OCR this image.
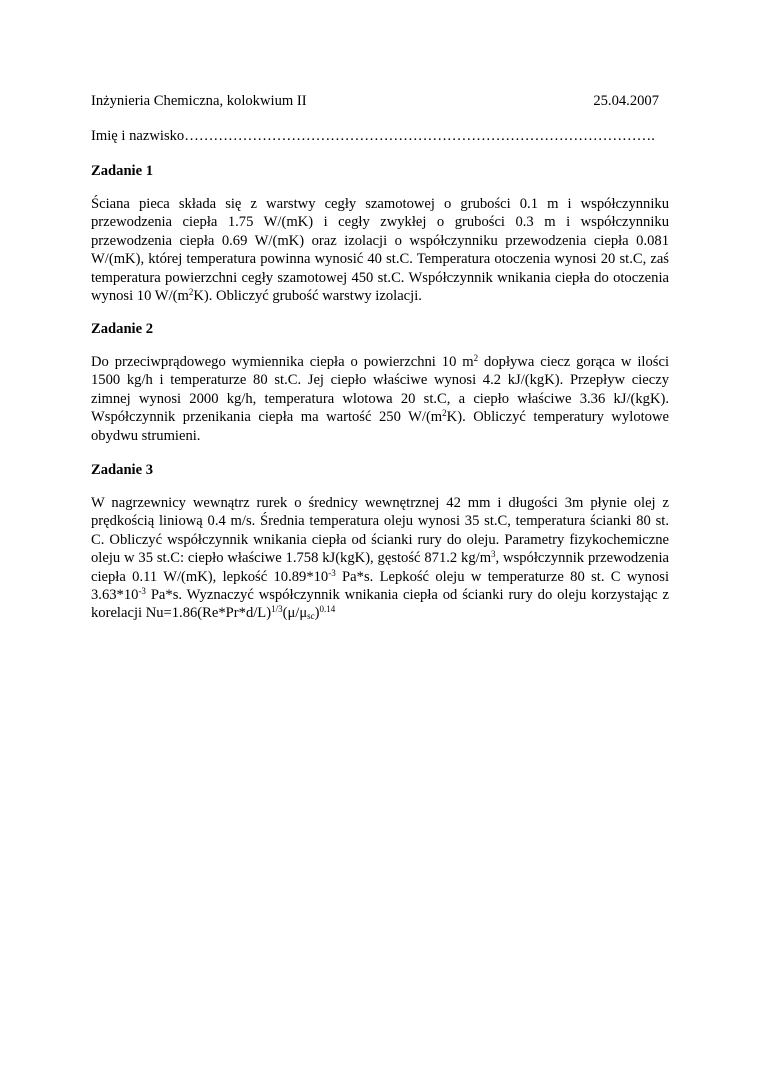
Inżynieria Chemiczna, kolokwium II	25.04.2007
Imię i nazwisko…………………………………………………………………………………….
Zadanie 1
Ściana pieca składa się z warstwy cegły szamotowej o grubości 0.1 m i współczynniku przewodzenia ciepła 1.75 W/(mK) i cegły zwykłej o grubości 0.3 m i współczynniku przewodzenia ciepła 0.69 W/(mK) oraz izolacji o współczynniku przewodzenia ciepła 0.081 W/(mK), której temperatura powinna wynosić 40 st.C. Temperatura otoczenia wynosi 20 st.C, zaś temperatura powierzchni cegły szamotowej 450 st.C. Współczynnik wnikania ciepła do otoczenia wynosi 10 $W/(m^2K)$. Obliczyć grubość warstwy izolacji.
Zadanie 2
Do przeciwprądowego wymiennika ciepła o powierzchni 10 $m^2$ dopływa ciecz gorąca w ilości 1500 kg/h i temperaturze 80 st.C. Jej ciepło właściwe wynosi 4.2 kJ/(kgK). Przepływ cieczy zimnej wynosi 2000 kg/h, temperatura wlotowa 20 st.C, a ciepło właściwe 3.36 kJ/(kgK). Współczynnik przenikania ciepła ma wartość 250 $W/(m^2K)$. Obliczyć temperatury wylotowe obydwu strumieni.
Zadanie 3
W nagrzewnicy wewnątrz rurek o średnicy wewnętrznej 42 mm i długości 3m płynie olej z prędkością liniową 0.4 m/s. Średnia temperatura oleju wynosi 35 st.C, temperatura ścianki 80 st. C. Obliczyć współczynnik wnikania ciepła od ścianki rury do oleju. Parametry fizykochemiczne oleju w 35 st.C: ciepło właściwe 1.758 kJ(kgK), gęstość 871.2 $kg/m^3$, współczynnik przewodzenia ciepła 0.11 W/(mK), lepkość $10.89*10^{-3}$ Pa*s. Lepkość oleju w temperaturze 80 st. C wynosi $3.63*10^{-3}$ Pa*s. Wyznaczyć współczynnik wnikania ciepła od ścianki rury do oleju korzystając z korelacji $Nu=1.86(Re*Pr*d/L)^{1/3}(\mu/\mu_{sc})^{0.14}$
